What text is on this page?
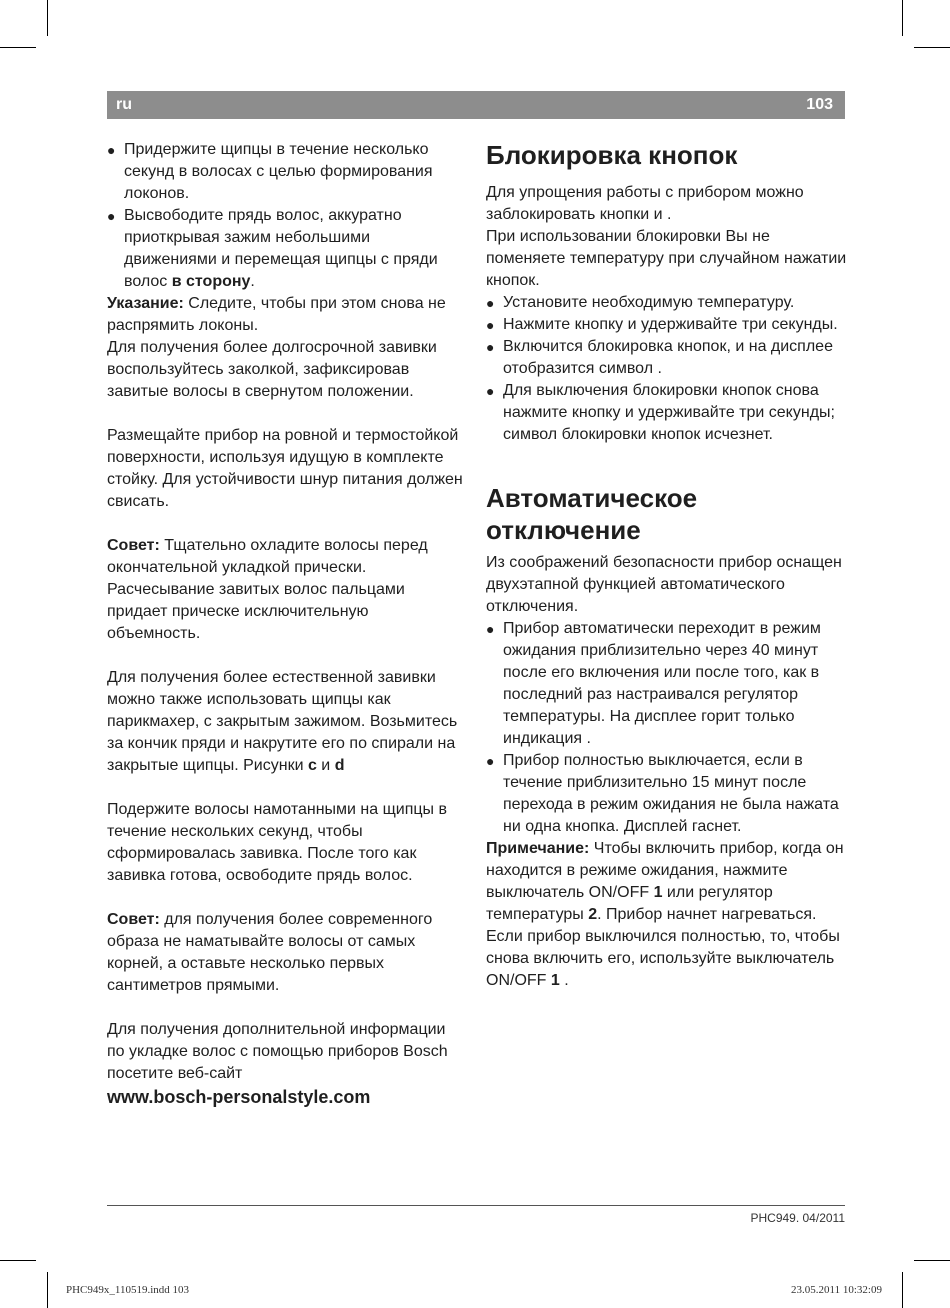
ru	103

● Придержите щипцы в течение несколько секунд в волосах с целью формирования локонов.

● Высвободите прядь волос, аккуратно приоткрывая зажим небольшими движениями и перемещая щипцы с пряди волос в сторону.

Указание: Следите, чтобы при этом снова не распрямить локоны.

Для получения более долгосрочной завивки воспользуйтесь заколкой, зафиксировав завитые волосы в свернутом положении.

Размещайте прибор на ровной и термостойкой поверхности, используя идущую в комплекте стойку. Для устойчивости шнур питания должен свисать.

Совет: Тщательно охладите волосы перед окончательной укладкой прически. Расчесывание завитых волос пальцами придает прическе исключительную объемность.

Для получения более естественной завивки можно также использовать щипцы как парикмахер, с закрытым зажимом. Возьмитесь за кончик пряди и накрутите его по спирали на закрытые щипцы. Рисунки c и d

Подержите волосы намотанными на щипцы в течение нескольких секунд, чтобы сформировалась завивка. После того как завивка готова, освободите прядь волос.

Совет: для получения более современного образа не наматывайте волосы от самых корней, а оставьте несколько первых сантиметров прямыми.

Для получения дополнительной информации по укладке волос с помощью приборов Bosch посетите веб-сайт

www.bosch-personalstyle.com

Блокировка кнопок

Для упрощения работы с прибором можно заблокировать кнопки и .

При использовании блокировки Вы не поменяете температуру при случайном нажатии кнопок.

● Установите необходимую температуру.

● Нажмите кнопку и удерживайте три секунды.

● Включится блокировка кнопок, и на дисплее отобразится символ .

● Для выключения блокировки кнопок снова нажмите кнопку и удерживайте три секунды; символ блокировки кнопок исчезнет.

Автоматическое отключение

Из соображений безопасности прибор оснащен двухэтапной функцией автоматического отключения.

● Прибор автоматически переходит в режим ожидания приблизительно через 40 минут после его включения или после того, как в последний раз настраивался регулятор температуры. На дисплее горит только индикация .

● Прибор полностью выключается, если в течение приблизительно 15 минут после перехода в режим ожидания не была нажата ни одна кнопка. Дисплей гаснет.

Примечание: Чтобы включить прибор, когда он находится в режиме ожидания, нажмите выключатель ON/OFF 1 или регулятор температуры 2. Прибор начнет нагреваться.

Если прибор выключился полностью, то, чтобы снова включить его, используйте выключатель ON/OFF 1 .

PHC949. 04/2011
PHC949x_110519.indd 103	23.05.2011 10:32:09
